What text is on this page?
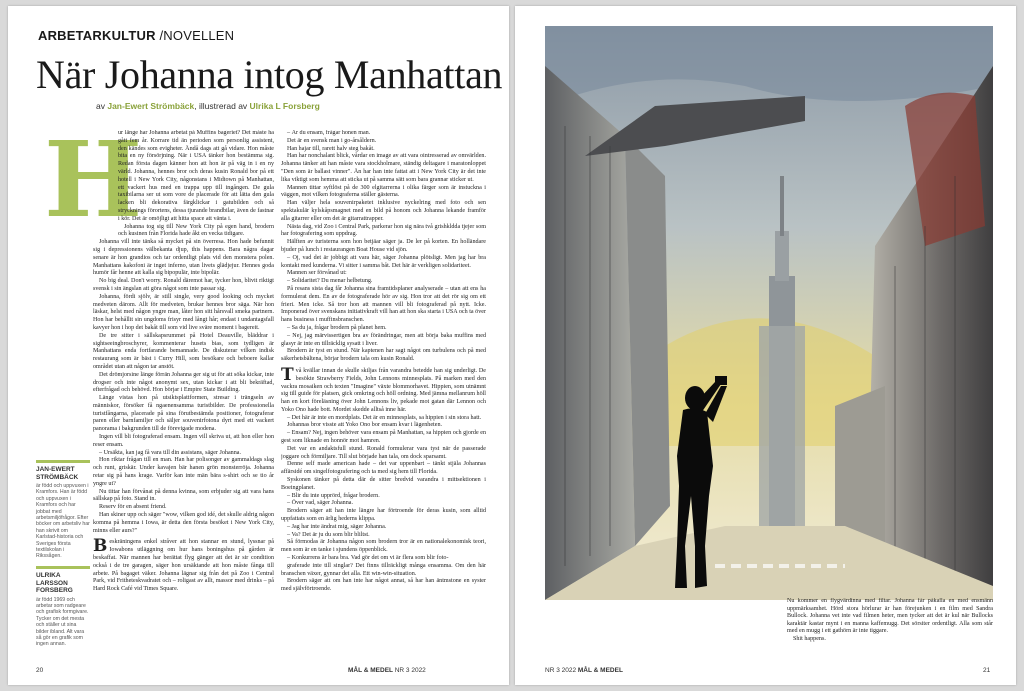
ARBETARKULTUR /NOVELLEN
När Johanna intog Manhattan
av Jan-Ewert Strömbäck, illustrerad av Ulrika L Forsberg
H

ur länge har Johanna arbetat på Muffins bageriet? Det måste ha gått fem år. Korrare tid än perioden som personlig assistent, den kändes som evigheter. Ändå dags att gå vidare. Hon måste bita en ny försörjning. När i USA tänker hon bestämma sig. Redan första dagen känner hon att hon är på väg in i en ny värld. Johanna, hennes bror och deras kusin Ronald bor på ett hotell i New York City, någonstans i Midtown på Manhattan, ett vackert hus med en trappa upp till ingången. De gula taxibilarna ser ut som vore de placerade för att lätta den gula lacken bli dekorativa färgklickar i gatubilden och så strycknings förortens, dessa tjurande brandbilar, även de fastnar i kör. Det är omöjligt att hitta space att vänta i.

Johanna tog sig till New York City på egen hand, brodern och kusinen från Florida hade åkt en vecka tidigare.

Johanna vill inte tänka så mycket på sin överresa. Hon hade befunnit sig i depressionens välbekanta djup, this happens. Bara några dagar senare är hon grandios och tar ordentligt plats vid den monstera polen. Manhattans kakofoni är inget inferno, utan livets glädjejur. Hennes goda humör får henne att kalla sig bipopulär, inte bipolär.

No big deal. Don't worry. Ronald däremot har, tycker hon, blivit riktigt svensk i sin ängslan att göra något som inte passar sig.

Johanna, fördi sjölv, är still single, very good looking och mycket medveten därom. Allt för medveten, brukar hennes bror säga. När hon läskar, helst med någon yngre man, låter hon sitt hårsvall smeka partnern. Hon har behållit sin ungdoms frisyr med långt hår; endast i undantagsfall kavyer hon i hop det bakåt till som vid live sväre moment i bagereit.

De tre sitter i sällskapsrummet på Hotel Deauville, bläddrar i sightseeingbroschyrer, kommenterar husets bias, som tydligen är Manhattans enda fortfarande bemannade. De diskuterar vilken indisk restaurang som är bäst i Curry Hill, som besökare och beboere kallar området utan att någon tar anstöt.

Det drömjorsine länge förrän Johanna ger sig ut för att söka kickar, inte drogser och inte något anonymt sex, utan kickar i att bli bekräftad, efterfrågad och behövd. Hon börjar i Empire State Building.

Länge vistas hon på utsiktsplattformen, stresar i trängseln av människor, försöker få ngaenensamma turistbilder. De professionella turistfångarna, placerade på sina förutbestämda positioner, fotograferar paren eller barnfamiljer och säljer souvenirfotona dyrt med ett vackert panorama i bakgrunden till de förevigade modena.

Ingen vill bli fotograferad ensam. Ingen vill skriva ut, att hon eller hon reser ensam.

– Ursäkta, kan jag få vara till din assistans, säger Johanna.

Hon riktar frågan till en man. Han har polisonger av gammaldags slag och runt, griskär. Under kavajen bär hanen grön monsterröja. Johanna retar sig på hans krage. Varför kan inte män bära s-shirt och se tio år yngre ut?

Nu tittar han förvånat på denna kvinna, som erbjuder sig att vara hans sällskap på foto. Stand in.

Reserv för en absent friend.

Han skiner upp och säger "wow, vilken god idé, det skulle aldrig någon komma på hemma i Iowa, är detta den första besöket i New York City, minns eller aurs?"

Beskräningens enkel stråver att hon stannar en stund, lyssnar på Iowabons utläggning om hur hans boningshus på gården är beskaffat. När mannen har berättat flyg gänger att det är sir condition också i de tre garagen, säger hon ursäktande att hon måste fånga till arbete. På bagaget väker. Johanna lägnar sig från det på Zoo i Central Park, vid Fritheteskvadratet och – roligast av allt, massor med drinks – på Hard Rock Café vid Times Square.

JAN-EWERT STRÖMBÄCK
är född och uppvuxen i Kramfors. Han är född och uppvuxen i Kramfors och har jobbat med arbetsmiljöfrågor. Efter böcker om arbetsliv har han skrivit om Karlstad-historia och Sveriges första textilskolan i Rikssågen.
ULRIKA LARSSON FORSBERG
är född 1969 och arbetar som radgeare och grafisk formgivare. Tycker om det mesta och ställer ut sina bilder ibland. Alt vara så gör en grafik som ingen annan.

– Är du ensam, frågar honen man.

Det är en svensk man i go-årsåldern.

Han hajar till, rarett halv steg bakåt.

Han har nonchalant blick, vårdar en image av att vara ointresserad av omvärlden. Johanna tänker att han måste vara stockholmare, ständig deltagare i maratonloppet "Den som är ballast vinner". Än har han inte fattat att i New York City är det inte lika viktigt som hemma att sticka ut på samma sätt som bara grannar sticker ut.

Mannen tittar syftlöst på de 300 elgitarrerna i olika färger som är instuckna i väggen, mot vilken fotograferna ställer gästerna.

Han väljer hela souvenirpaketet inklusive nyckelring med foto och sen spektakulär kylskåpsmagnet med en bild på honom och Johanna lekande framför alla gitarrer eller om det är gitarrattrapper.

Nästa dag, vid Zoo i Central Park, parkerar hon sig nära två grishkldda tjejer som har fotografering som uppdrag.

Hälften av turisterna som hon betjäar säger ja. De ler på korten. En holländare bjuder på lunch i restaurangen Boat House vid sjön.

– Oj, vad det är jobbigt att vara här, säger Johanna plötsligt. Men jag har bra kontakt med kunderna. Vi sitter i samma båt. Det här är verkligen solidariteet.

Mannen ser förvånad ut:

– Solidaritet? Du menar helbetung.

På resans sista dag får Johanna sina framtidsplaner analyserade – utan att ens ha formulerat dem. En av de fotograferade hör av sig. Hon tror att det rör sig om ett frieri. Men icke. Så tror hon att mannen vill bli fotograferad på nytt. Icke. Imponerad över svenskans initiativkraft vill han att hon ska starta i USA och ta över hans business i muffinsbranschen.

– Sa du ja, frågar brodern på planet hem.

– Nej, jag märvissertigen bra av förändringar, men att börja baka muffins med glasyr är inte en tillräcklig sysatt i liver.

Brodern är tyst en stund. När kaptenen har sagt något om turbulens och på med säkerhetsbältena, börjar brodern tala om kusin Ronald.

Två kvällar innan de skulle skiljas från varandra betedde han sig underligt. De besökte Strawberry Fields, John Lennons minnesplats. På marken med den vackra mosaiken och texten "Imagine" växte blommorhavet. Hippien, som utnämnt sig till guide för platsen, gick omkring och höll ordning. Med jämna mellanrum höll han en kort föreläsning över John Lennons liv, pekade mot gatan där Lennon och Yoko Ono hade bott. Mordet skedde alltså inne här.

– Det här är inte en mordplats. Det är en minnesplats, sa hippien i sin stora hatt.

Johannas bror visste att Yoko Ono bor ensam kvar i lägenheten.

– Ensam? Nej, ingen behöver vara ensam på Manhattan, sa hippien och gjorde en gest som liknade en honnör mot hamren.

Det var en andaktsfull stund. Ronald formulerar vara tyst när de passerade joggare och förmiljare. Till slut började han tala, om dock sparsamt.

Denne self made american hade – det var uppenbart – tänkt stjäla Johannas affärsidé om singelfotografering och ta med sig hem till Florida.

Syskonen tänker på detta där de sitter bredvid varandra i mittsektionen i Boeingplanet.

– Blir du inte upprörd, frågar brodern.

– Över vad, säger Johanna.

Brodern säger att han inte längre har förtroende för deras kusin, som alltid uppfattats som en ärlig hederns klippa.

– Jag har inte ändrat mig, säger Johanna.

– Va? Det är ju du som blir bliltst.

Så förmodas är Johanna någon som brodern tror är en nationalekonomisk teori, men som är en tanke i sjundens öppenblick.

– Konkurrens är bara bra. Vad gör det om vi är flera som blir foto-

graferade inte till singlar? Det finns tillräckligt många ensamma. Om den här branschen växer, gynnar det alla. Ett win-win-situation.

Brodern säger att om han inte har något annat, så har han äntmstone en syster med självförtroende.

20	MÅL & MEDEL NR 3 2022

Nu kommer en flygvärdinna med filtar. Johanna får påkalla en med ensmänn uppmärksamhet. Hörd stora hörlurar är han förejunken i en film med Sandra Bullock. Johanna vet inte vad filmen heter, men tycker att det är kul när Bullocks karaktär kastar mynt i en manna kaffemugg. Det sörsiter ordentligt. Alla som står med en mugg i ett gathörn är inte tiggare.

Shit happens.

NR 3 2022 MÅL & MEDEL	21
